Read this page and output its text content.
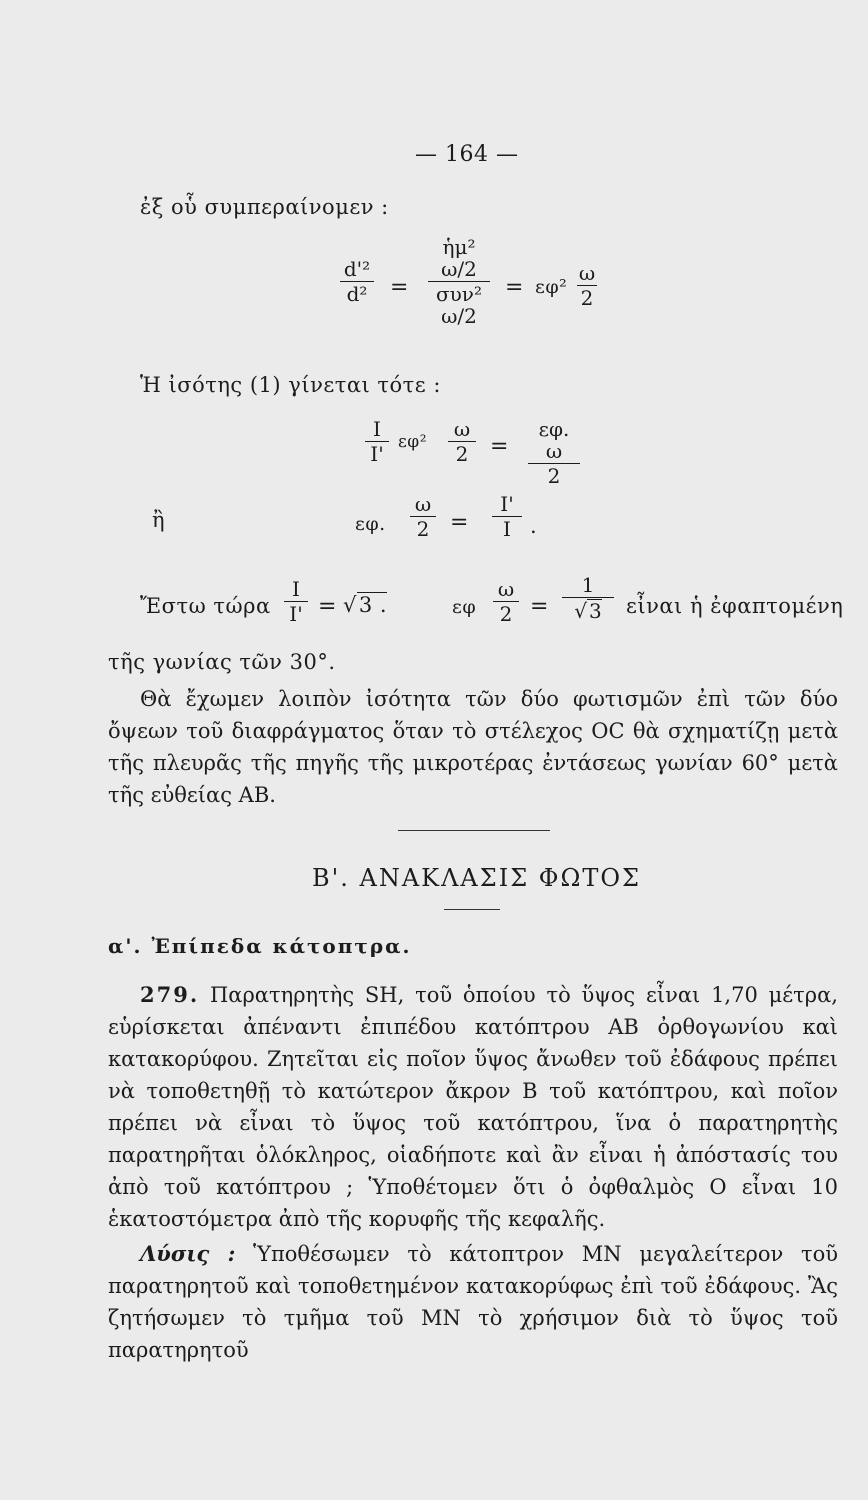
— 164 —
ἐξ οὗ συμπεραίνομεν :
d'²
d² =
ἡμ² ω/2
συν² ω/2
= εφ²
ω
2
Ἡ ἰσότης (1) γίνεται τότε :
I
I' εφ²
ω
2 =
εφ. ω
2
ἢ	εφ.
ω
2 =
I'
I .
Ἔστω τώρα
I
I' = √3 .	εφ
ω
2 =
1
√ 3	εἶναι ἡ ἐφαπτομένη
τῆς γωνίας τῶν 30°.
Θὰ ἔχωμεν λοιπὸν ἰσότητα τῶν δύο φωτισμῶν ἐπὶ τῶν δύο ὄψεων τοῦ διαφράγματος ὅταν τὸ στέλεχος OC θὰ σχηματίζῃ μετὰ τῆς πλευρᾶς τῆς πηγῆς τῆς μικροτέρας ἐντάσεως γωνίαν 60° μετὰ τῆς εὐθείας AB.
Β'. ΑΝΑΚΛΑΣΙΣ ΦΩΤΟΣ
α'. Ἐπίπεδα κάτοπτρα.
279. Παρατηρητὴς SH, τοῦ ὁποίου τὸ ὕψος εἶναι 1,70 μέτρα, εὑρίσκεται ἀπέναντι ἐπιπέδου κατόπτρου AB ὀρθογωνίου καὶ κατακορύφου. Ζητεῖται εἰς ποῖον ὕψος ἄνωθεν τοῦ ἐδάφους πρέπει νὰ τοποθετηθῇ τὸ κατώτερον ἄκρον B τοῦ κατόπτρου, καὶ ποῖον πρέπει νὰ εἶναι τὸ ὕψος τοῦ κατόπτρου, ἵνα ὁ παρατηρητὴς παρατηρῆται ὁλόκληρος, οἱαδήποτε καὶ ἂν εἶναι ἡ ἀπόστασίς του ἀπὸ τοῦ κατόπτρου ; Ὑποθέτομεν ὅτι ὁ ὀφθαλμὸς O εἶναι 10 ἑκατοστόμετρα ἀπὸ τῆς κορυφῆς τῆς κεφαλῆς.
Λύσις : Ὑποθέσωμεν τὸ κάτοπτρον MN μεγαλείτερον τοῦ παρατηρητοῦ καὶ τοποθετημένον κατακορύφως ἐπὶ τοῦ ἐδάφους. Ἂς ζητήσωμεν τὸ τμῆμα τοῦ MN τὸ χρήσιμον διὰ τὸ ὕψος τοῦ παρατηρητοῦ
